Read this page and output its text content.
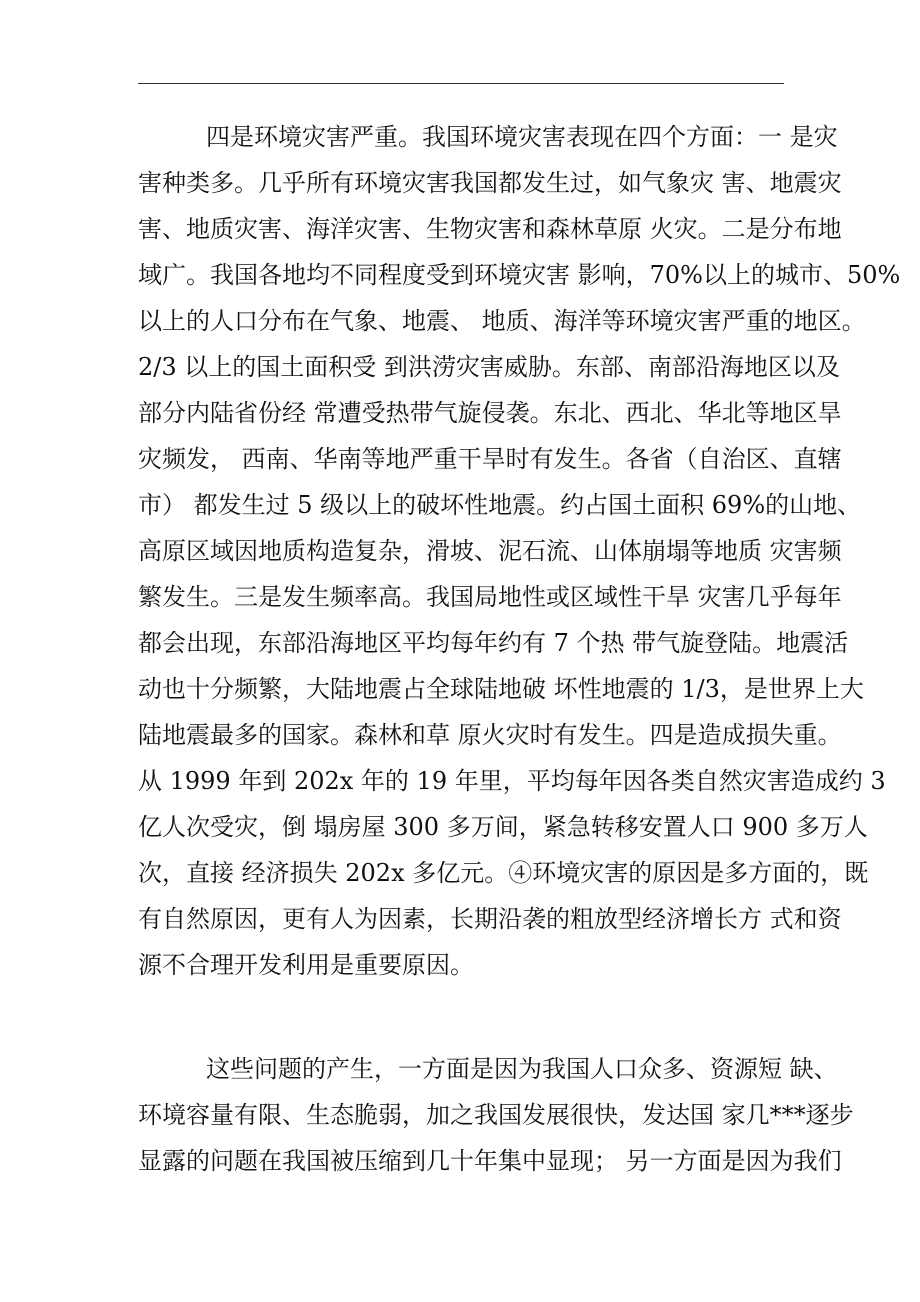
四是环境灾害严重。我国环境灾害表现在四个方面：一 是灾
害种类多。几乎所有环境灾害我国都发生过，如气象灾 害、地震灾
害、地质灾害、海洋灾害、生物灾害和森林草原 火灾。二是分布地
域广。我国各地均不同程度受到环境灾害 影响，70%以上的城市、50%
以上的人口分布在气象、地震、 地质、海洋等环境灾害严重的地区。
2/3 以上的国土面积受 到洪涝灾害威胁。东部、南部沿海地区以及
部分内陆省份经 常遭受热带气旋侵袭。东北、西北、华北等地区旱
灾频发， 西南、华南等地严重干旱时有发生。各省（自治区、直辖
市） 都发生过 5 级以上的破坏性地震。约占国土面积 69%的山地、
高原区域因地质构造复杂，滑坡、泥石流、山体崩塌等地质 灾害频
繁发生。三是发生频率高。我国局地性或区域性干旱 灾害几乎每年
都会出现，东部沿海地区平均每年约有 7 个热 带气旋登陆。地震活
动也十分频繁，大陆地震占全球陆地破 坏性地震的 1/3，是世界上大
陆地震最多的国家。森林和草 原火灾时有发生。四是造成损失重。
从 1999 年到 202x 年的 19 年里，平均每年因各类自然灾害造成约 3
亿人次受灾，倒 塌房屋 300 多万间，紧急转移安置人口 900 多万人
次，直接 经济损失 202x 多亿元。④环境灾害的原因是多方面的，既
有自然原因，更有人为因素，长期沿袭的粗放型经济增长方 式和资
源不合理开发利用是重要原因。
这些问题的产生，一方面是因为我国人口众多、资源短 缺、
环境容量有限、生态脆弱，加之我国发展很快，发达国 家几***逐步
显露的问题在我国被压缩到几十年集中显现； 另一方面是因为我们
